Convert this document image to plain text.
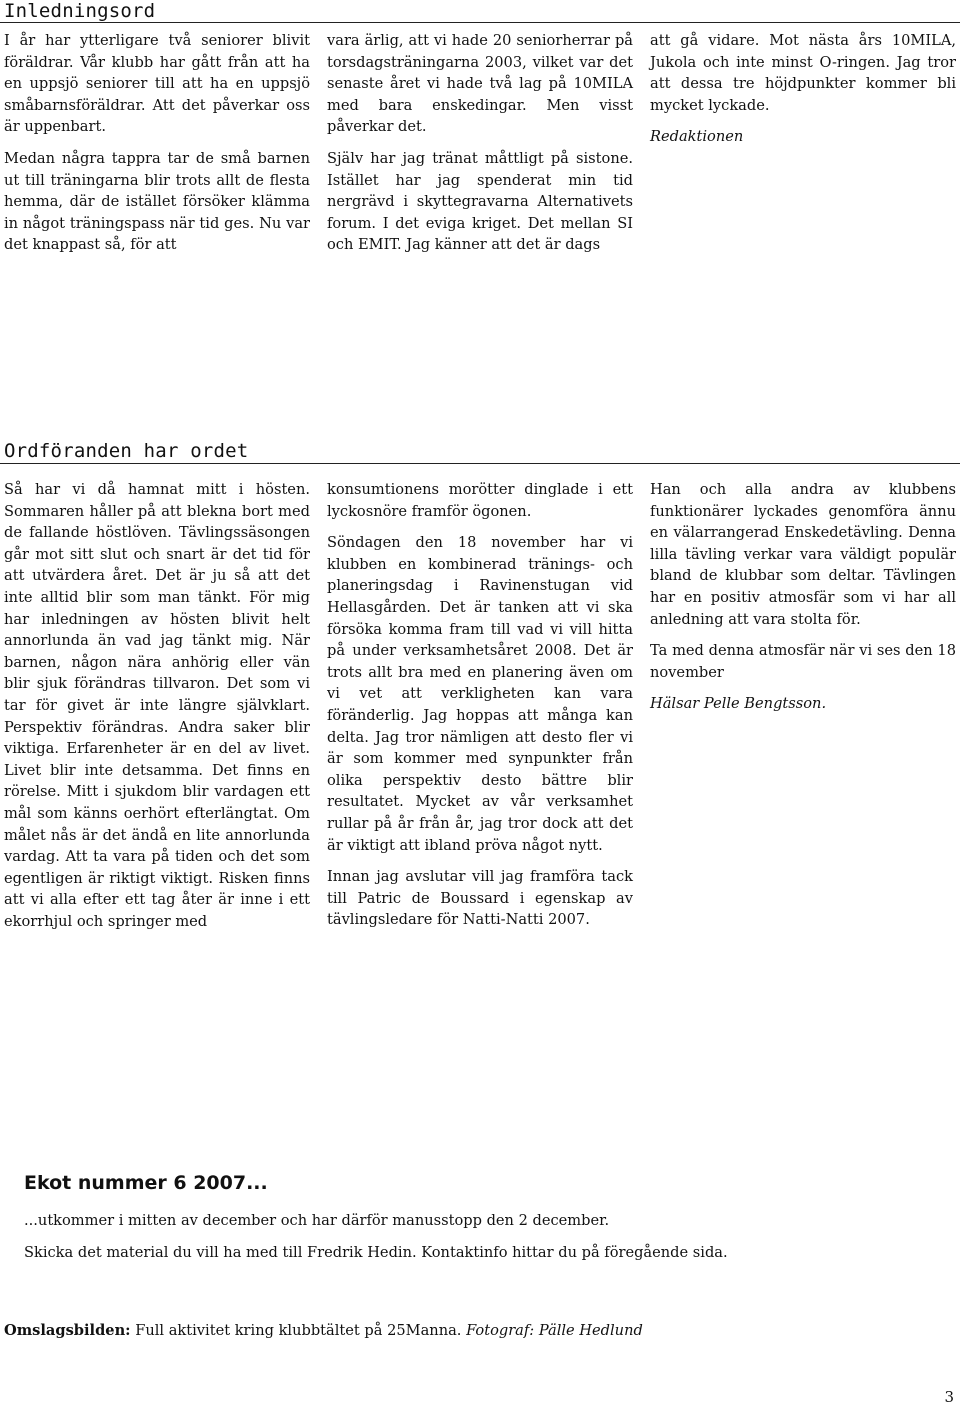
Inledningsord

I år har ytterligare två seniorer blivit föräldrar. Vår klubb har gått från att ha en uppsjö seniorer till att ha en uppsjö småbarnsföräldrar. Att det påverkar oss är uppenbart.

Medan några tappra tar de små barnen ut till träningarna blir trots allt de flesta hemma, där de istället försöker klämma in något träningspass när tid ges. Nu var det knappast så, för att

vara ärlig, att vi hade 20 seniorherrar på torsdagsträningarna 2003, vilket var det senaste året vi hade två lag på 10MILA med bara enskedingar. Men visst påverkar det.

Själv har jag tränat måttligt på sistone. Istället har jag spenderat min tid nergrävd i skyttegravarna Alternativets forum. I det eviga kriget. Det mellan SI och EMIT. Jag känner att det är dags

att gå vidare. Mot nästa års 10MILA, Jukola och inte minst O-ringen. Jag tror att dessa tre höjdpunkter kommer bli mycket lyckade.

Redaktionen

Ordföranden har ordet

Så har vi då hamnat mitt i hösten. Sommaren håller på att blekna bort med de fallande höstlöven. Tävlingssäsongen går mot sitt slut och snart är det tid för att utvärdera året. Det är ju så att det inte alltid blir som man tänkt. För mig har inledningen av hösten blivit helt annorlunda än vad jag tänkt mig. När barnen, någon nära anhörig eller vän blir sjuk förändras tillvaron. Det som vi tar för givet är inte längre självklart. Perspektiv förändras. Andra saker blir viktiga. Erfarenheter är en del av livet. Livet blir inte detsamma. Det finns en rörelse. Mitt i sjukdom blir vardagen ett mål som känns oerhört efterlängtat. Om målet nås är det ändå en lite annorlunda vardag. Att ta vara på tiden och det som egentligen är riktigt viktigt. Risken finns att vi alla efter ett tag åter är inne i ett ekorrhjul och springer med

konsumtionens morötter dinglade i ett lyckosnöre framför ögonen.

Söndagen den 18 november har vi klubben en kombinerad tränings- och planeringsdag i Ravinenstugan vid Hellasgården. Det är tanken att vi ska försöka komma fram till vad vi vill hitta på under verksamhetsåret 2008. Det är trots allt bra med en planering även om vi vet att verkligheten kan vara föränderlig. Jag hoppas att många kan delta. Jag tror nämligen att desto fler vi är som kommer med synpunkter från olika perspektiv desto bättre blir resultatet. Mycket av vår verksamhet rullar på år från år, jag tror dock att det är viktigt att ibland pröva något nytt.

Innan jag avslutar vill jag framföra tack till Patric de Boussard i egenskap av tävlingsledare för Natti-Natti 2007.

Han och alla andra av klubbens funktionärer lyckades genomföra ännu en välarrangerad Enskedetävling. Denna lilla tävling verkar vara väldigt populär bland de klubbar som deltar. Tävlingen har en positiv atmosfär som vi har all anledning att vara stolta för.

Ta med denna atmosfär när vi ses den 18 november

Hälsar Pelle Bengtsson.

Ekot nummer 6 2007...
...utkommer i mitten av december och har därför manusstopp den 2 december.
Skicka det material du vill ha med till Fredrik Hedin. Kontaktinfo hittar du på föregående sida.
Omslagsbilden: Full aktivitet kring klubbtältet på 25Manna. Fotograf: Pälle Hedlund
3
